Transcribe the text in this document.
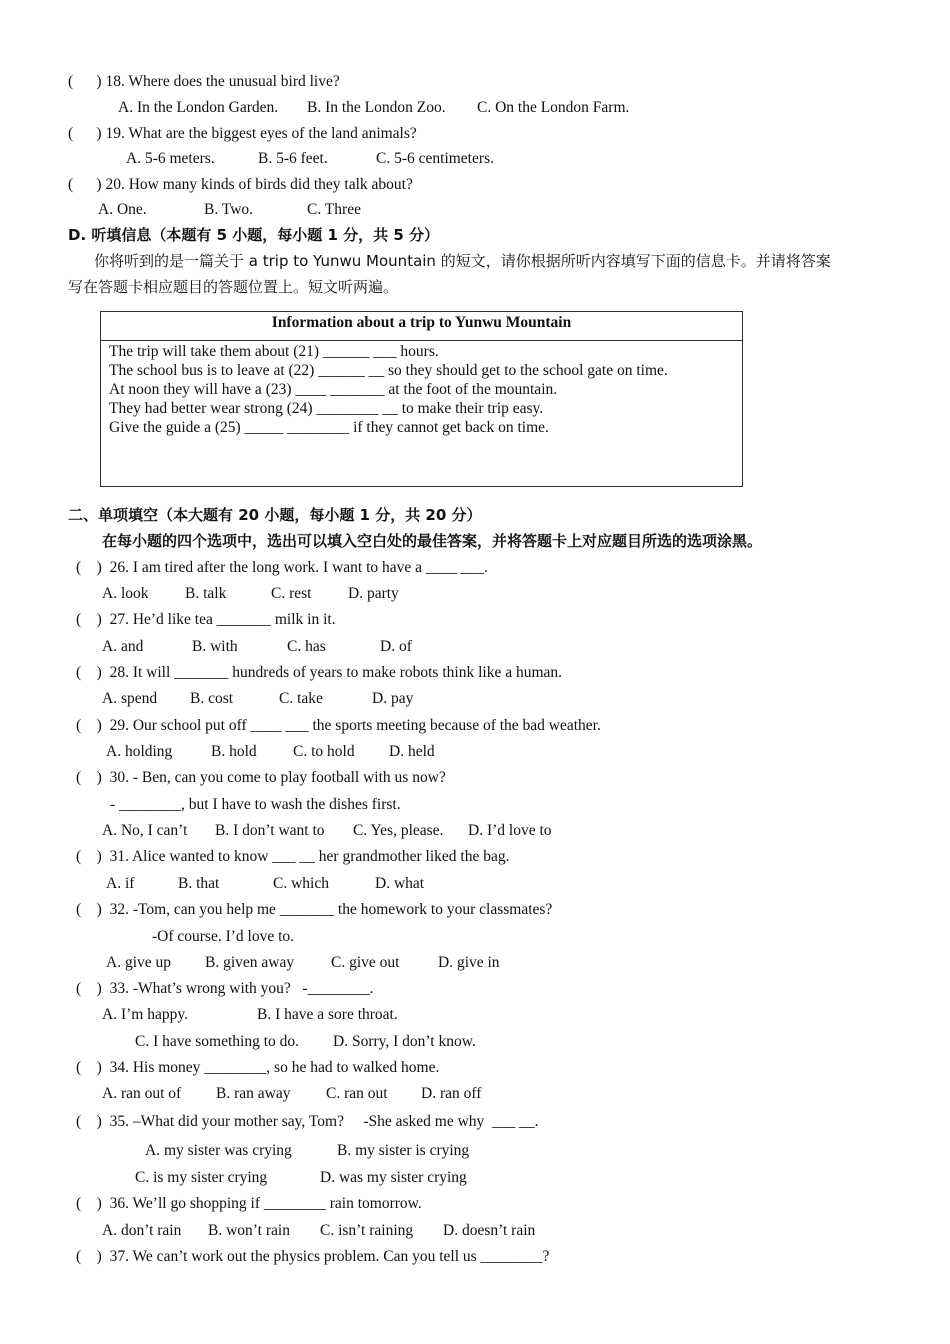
(      ) 18. Where does the unusual bird live?
A. In the London Garden. B. In the London Zoo. C. On the London Farm.
(      ) 19. What are the biggest eyes of the land animals?
A. 5-6 meters.	B. 5-6 feet.	C. 5-6 centimeters.
(      ) 20. How many kinds of birds did they talk about?
A. One.	B. Two.	C. Three
D. 听填信息（本题有 5 小题，每小题 1 分，共 5 分）
你将听到的是一篇关于 a trip to Yunwu Mountain 的短文，请你根据所听内容填写下面的信息卡。并请将答案
写在答题卡相应题目的答题位置上。短文听两遍。
Information about a trip to Yunwu Mountain
The trip will take them about (21) ______ ___ hours.
The school bus is to leave at (22) ______ __ so they should get to the school gate on time.
At noon they will have a (23) ____ _______ at the foot of the mountain.
They had better wear strong (24) ________ __ to make their trip easy.
Give the guide a (25) _____ ________ if they cannot get back on time.
二、单项填空（本大题有 20 小题，每小题 1 分，共 20 分）
在每小题的四个选项中，选出可以填入空白处的最佳答案，并将答题卡上对应题目所选的选项涂黑。
(    )  26. I am tired after the long work. I want to have a ____ ___.
A. look B. talk	C. rest D. party
(    )  27. He’d like tea _______ milk in it.
A. and	B. with	C. has	D. of
(    )  28. It will _______ hundreds of years to make robots think like a human.
A. spend B. cost	C. take	D. pay
(    )  29. Our school put off ____ ___ the sports meeting because of the bad weather.
A. holding B. hold C. to hold D. held
(    )  30. - Ben, can you come to play football with us now?
- ________, but I have to wash the dishes first.
A. No, I can’t B. I don’t want to C. Yes, please. D. I’d love to
(    )  31. Alice wanted to know ___ __ her grandmother liked the bag.
A. if	B. that	C. which	D. what
(    )  32. -Tom, can you help me _______ the homework to your classmates?
-Of course. I’d love to.
A. give up B. given away C. give out D. give in
(    )  33. -What’s wrong with you?   -________.
A. I’m happy.	B. I have a sore throat.
C. I have something to do. D. Sorry, I don’t know.
(    )  34. His money ________, so he had to walked home.
A. ran out of B. ran away C. ran out D. ran off
(    )  35. –What did your mother say, Tom?     -She asked me why  ___ __.
A. my sister was crying	B. my sister is crying
C. is my sister crying	D. was my sister crying
(    )  36. We’ll go shopping if ________ rain tomorrow.
A. don’t rain B. won’t rain C. isn’t raining D. doesn’t rain
(    )  37. We can’t work out the physics problem. Can you tell us ________?
